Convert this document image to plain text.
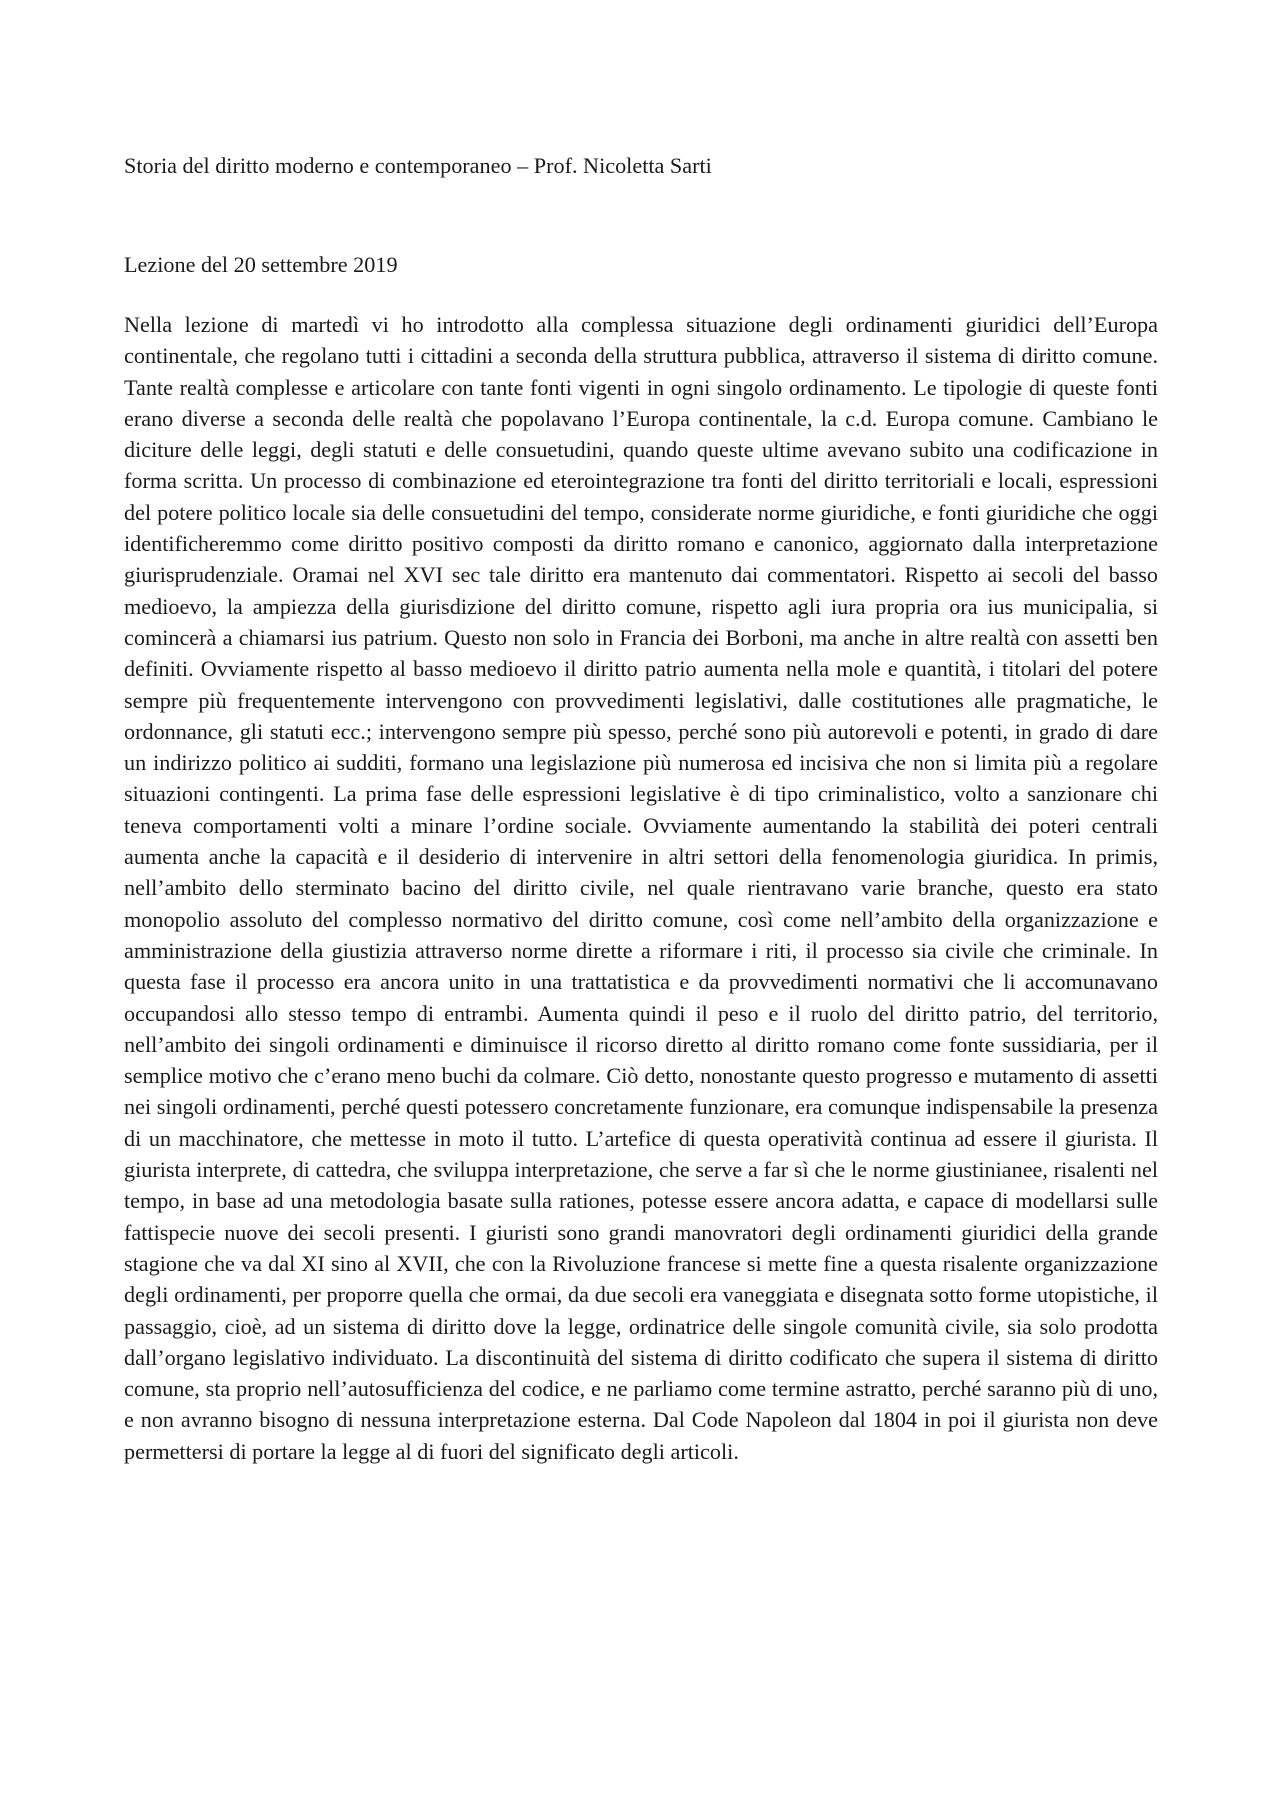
Storia del diritto moderno e contemporaneo – Prof. Nicoletta Sarti

Lezione del 20 settembre 2019

Nella lezione di martedì vi ho introdotto alla complessa situazione degli ordinamenti giuridici dell’Europa continentale, che regolano tutti i cittadini a seconda della struttura pubblica, attraverso il sistema di diritto comune. Tante realtà complesse e articolare con tante fonti vigenti in ogni singolo ordinamento. Le tipologie di queste fonti erano diverse a seconda delle realtà che popolavano l’Europa continentale, la c.d. Europa comune. Cambiano le diciture delle leggi, degli statuti e delle consuetudini, quando queste ultime avevano subito una codificazione in forma scritta. Un processo di combinazione ed eterointegrazione tra fonti del diritto territoriali e locali, espressioni del potere politico locale sia delle consuetudini del tempo, considerate norme giuridiche, e fonti giuridiche che oggi identificheremmo come diritto positivo composti da diritto romano e canonico, aggiornato dalla interpretazione giurisprudenziale. Oramai nel XVI sec tale diritto era mantenuto dai commentatori. Rispetto ai secoli del basso medioevo, la ampiezza della giurisdizione del diritto comune, rispetto agli iura propria ora ius municipalia, si comincerà a chiamarsi ius patrium. Questo non solo in Francia dei Borboni, ma anche in altre realtà con assetti ben definiti. Ovviamente rispetto al basso medioevo il diritto patrio aumenta nella mole e quantità, i titolari del potere sempre più frequentemente intervengono con provvedimenti legislativi, dalle costitutiones alle pragmatiche, le ordonnance, gli statuti ecc.; intervengono sempre più spesso, perché sono più autorevoli e potenti, in grado di dare un indirizzo politico ai sudditi, formano una legislazione più numerosa ed incisiva che non si limita più a regolare situazioni contingenti. La prima fase delle espressioni legislative è di tipo criminalistico, volto a sanzionare chi teneva comportamenti volti a minare l’ordine sociale. Ovviamente aumentando la stabilità dei poteri centrali aumenta anche la capacità e il desiderio di intervenire in altri settori della fenomenologia giuridica. In primis, nell’ambito dello sterminato bacino del diritto civile, nel quale rientravano varie branche, questo era stato monopolio assoluto del complesso normativo del diritto comune, così come nell’ambito della organizzazione e amministrazione della giustizia attraverso norme dirette a riformare i riti, il processo sia civile che criminale. In questa fase il processo era ancora unito in una trattatistica e da provvedimenti normativi che li accomunavano occupandosi allo stesso tempo di entrambi. Aumenta quindi il peso e il ruolo del diritto patrio, del territorio, nell’ambito dei singoli ordinamenti e diminuisce il ricorso diretto al diritto romano come fonte sussidiaria, per il semplice motivo che c’erano meno buchi da colmare. Ciò detto, nonostante questo progresso e mutamento di assetti nei singoli ordinamenti, perché questi potessero concretamente funzionare, era comunque indispensabile la presenza di un macchinatore, che mettesse in moto il tutto. L’artefice di questa operatività continua ad essere il giurista. Il giurista interprete, di cattedra, che sviluppa interpretazione, che serve a far sì che le norme giustinianee, risalenti nel tempo, in base ad una metodologia basate sulla rationes, potesse essere ancora adatta, e capace di modellarsi sulle fattispecie nuove dei secoli presenti. I giuristi sono grandi manovratori degli ordinamenti giuridici della grande stagione che va dal XI sino al XVII, che con la Rivoluzione francese si mette fine a questa risalente organizzazione degli ordinamenti, per proporre quella che ormai, da due secoli era vaneggiata e disegnata sotto forme utopistiche, il passaggio, cioè, ad un sistema di diritto dove la legge, ordinatrice delle singole comunità civile, sia solo prodotta dall’organo legislativo individuato. La discontinuità del sistema di diritto codificato che supera il sistema di diritto comune, sta proprio nell’autosufficienza del codice, e ne parliamo come termine astratto, perché saranno più di uno, e non avranno bisogno di nessuna interpretazione esterna. Dal Code Napoleon dal 1804 in poi il giurista non deve permettersi di portare la legge al di fuori del significato degli articoli.
